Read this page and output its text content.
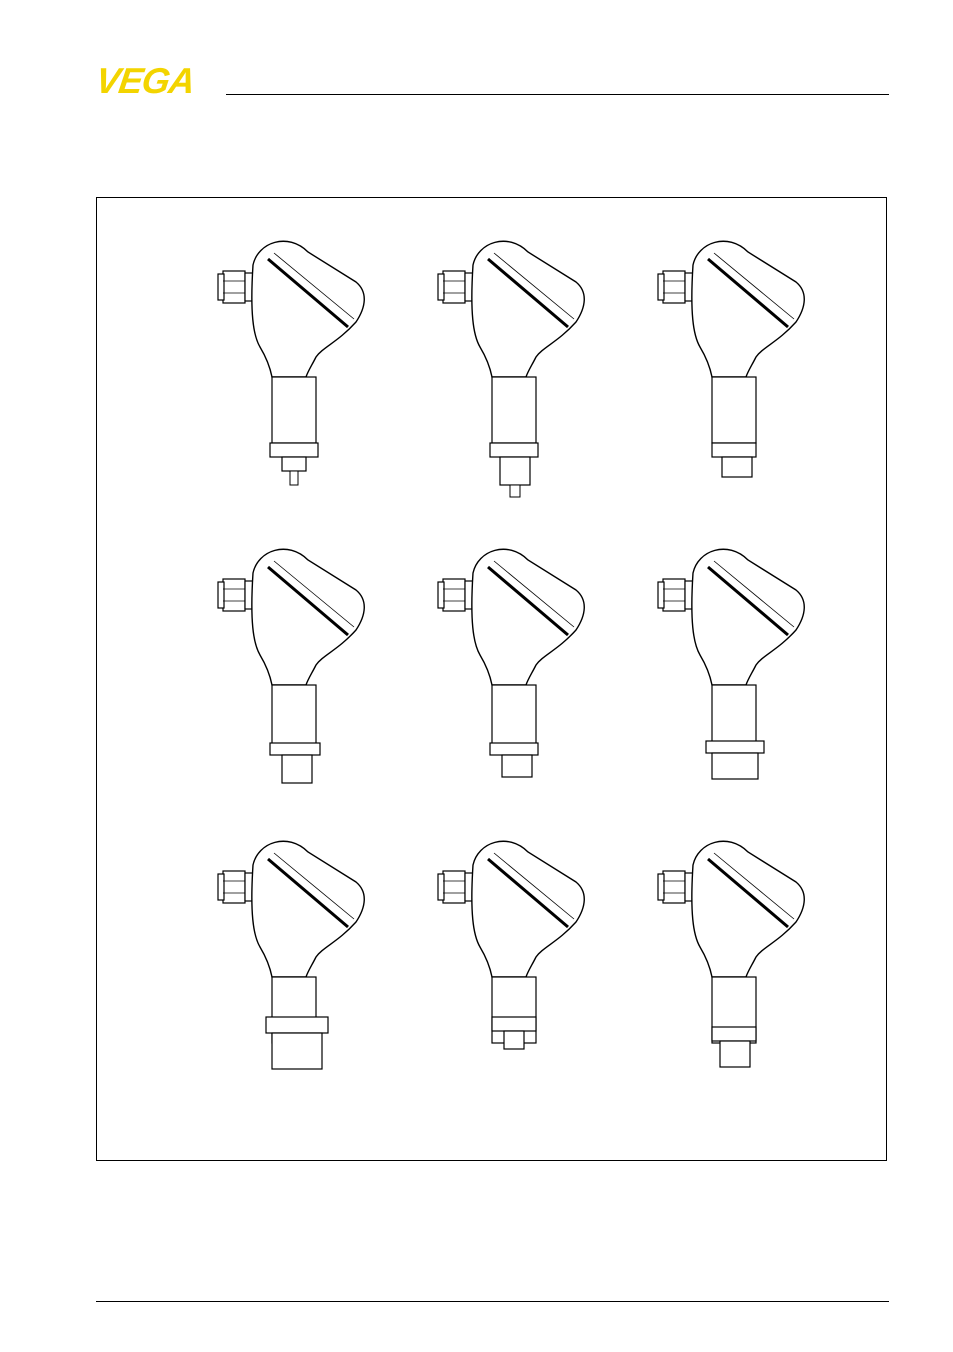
VEGA
